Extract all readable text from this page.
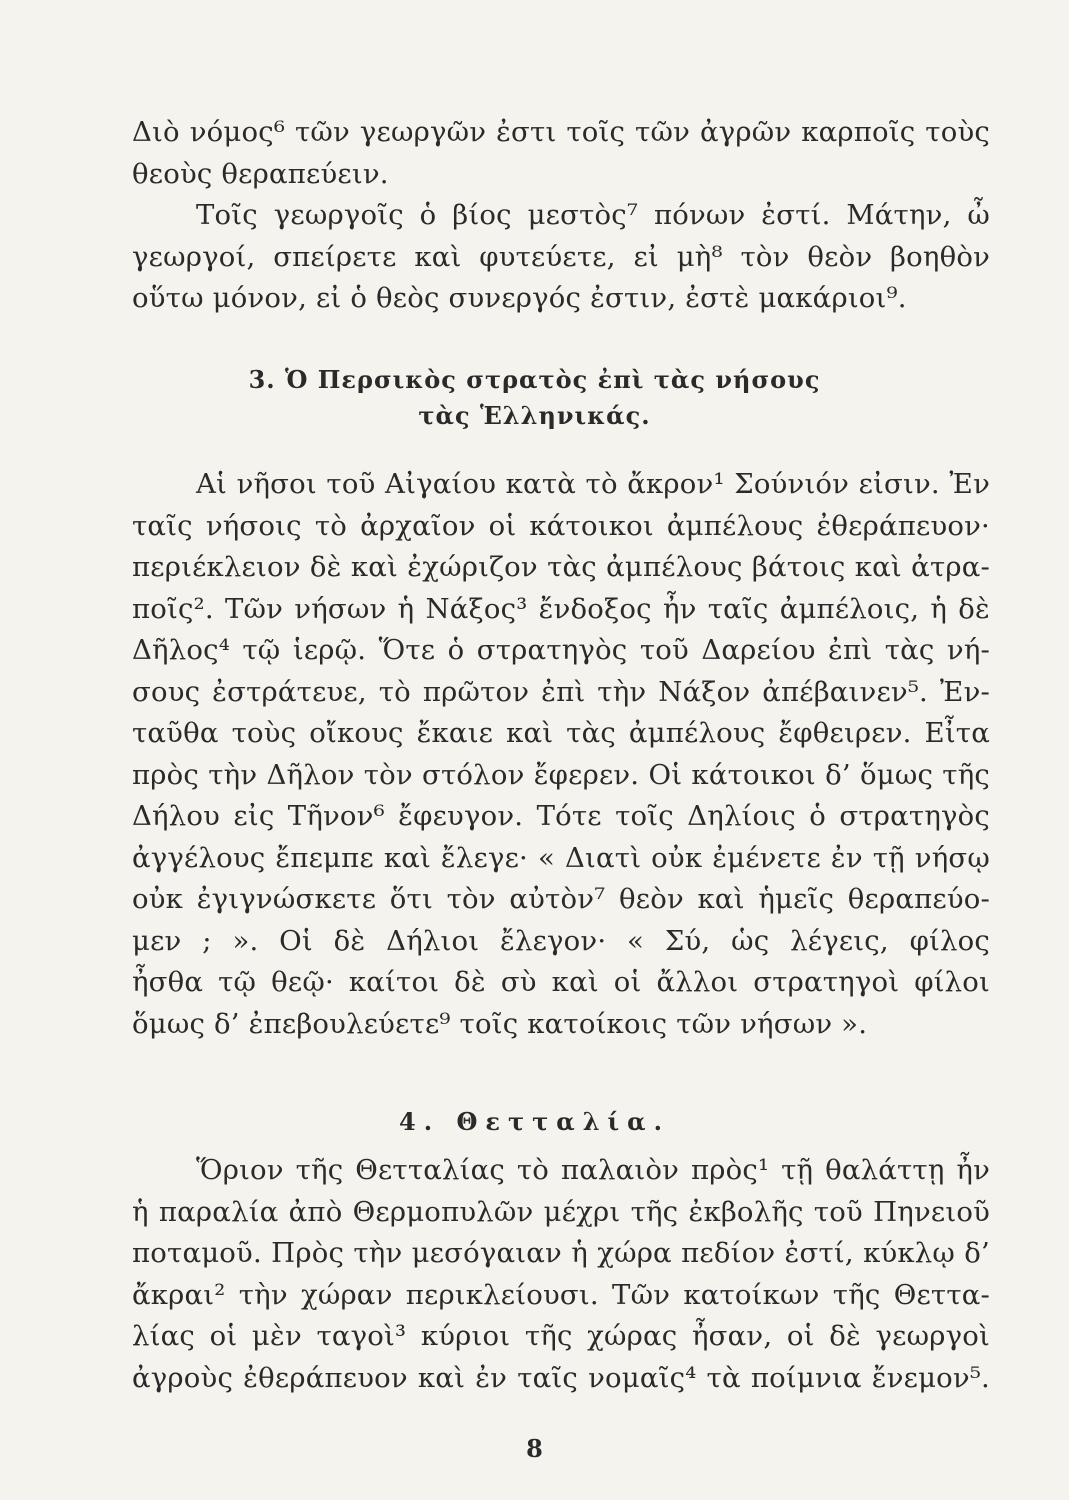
Διὸ νόμος⁶ τῶν γεωργῶν ἐστι τοῖς τῶν ἀγρῶν καρποῖς τοὺς
θεοὺς θεραπεύειν.
Τοῖς γεωργοῖς ὁ βίος μεστὸς⁷ πόνων ἐστί. Μάτην, ὦ
γεωργοί, σπείρετε καὶ φυτεύετε, εἰ μὴ⁸ τὸν θεὸν βοηθὸν
οὕτω μόνον, εἰ ὁ θεὸς συνεργός ἐστιν, ἐστὲ μακάριοι⁹.
3. Ὁ Περσικὸς στρατὸς ἐπὶ τὰς νήσους
τὰς Ἑλληνικάς.
Αἱ νῆσοι τοῦ Αἰγαίου κατὰ τὸ ἄκρον¹ Σούνιόν εἰσιν. Ἐν
ταῖς νήσοις τὸ ἀρχαῖον οἱ κάτοικοι ἀμπέλους ἐθεράπευον·
περιέκλειον δὲ καὶ ἐχώριζον τὰς ἀμπέλους βάτοις καὶ ἀτρα-
ποῖς². Τῶν νήσων ἡ Νάξος³ ἔνδοξος ἦν ταῖς ἀμπέλοις, ἡ δὲ
Δῆλος⁴ τῷ ἱερῷ. Ὅτε ὁ στρατηγὸς τοῦ Δαρείου ἐπὶ τὰς νή-
σους ἐστράτευε, τὸ πρῶτον ἐπὶ τὴν Νάξον ἀπέβαινεν⁵. Ἐν-
ταῦθα τοὺς οἴκους ἔκαιε καὶ τὰς ἀμπέλους ἔφθειρεν. Εἶτα
πρὸς τὴν Δῆλον τὸν στόλον ἔφερεν. Οἱ κάτοικοι δ’ ὅμως τῆς
Δήλου εἰς Τῆνον⁶ ἔφευγον. Τότε τοῖς Δηλίοις ὁ στρατηγὸς
ἀγγέλους ἔπεμπε καὶ ἔλεγε· « Διατὶ οὐκ ἐμένετε ἐν τῇ νήσῳ
οὐκ ἐγιγνώσκετε ὅτι τὸν αὐτὸν⁷ θεὸν καὶ ἡμεῖς θεραπεύο-
μεν ; ». Οἱ δὲ Δήλιοι ἔλεγον· « Σύ, ὡς λέγεις, φίλος
ἦσθα τῷ θεῷ· καίτοι δὲ σὺ καὶ οἱ ἄλλοι στρατηγοὶ φίλοι
ὅμως δ’ ἐπεβουλεύετε⁹ τοῖς κατοίκοις τῶν νήσων ».
4. Θετταλία.
Ὅριον τῆς Θετταλίας τὸ παλαιὸν πρὸς¹ τῇ θαλάττῃ ἦν
ἡ παραλία ἀπὸ Θερμοπυλῶν μέχρι τῆς ἐκβολῆς τοῦ Πηνειοῦ
ποταμοῦ. Πρὸς τὴν μεσόγαιαν ἡ χώρα πεδίον ἐστί, κύκλῳ δ’
ἄκραι² τὴν χώραν περικλείουσι. Τῶν κατοίκων τῆς Θεττα-
λίας οἱ μὲν ταγοὶ³ κύριοι τῆς χώρας ἦσαν, οἱ δὲ γεωργοὶ
ἀγροὺς ἐθεράπευον καὶ ἐν ταῖς νομαῖς⁴ τὰ ποίμνια ἔνεμον⁵.
8
